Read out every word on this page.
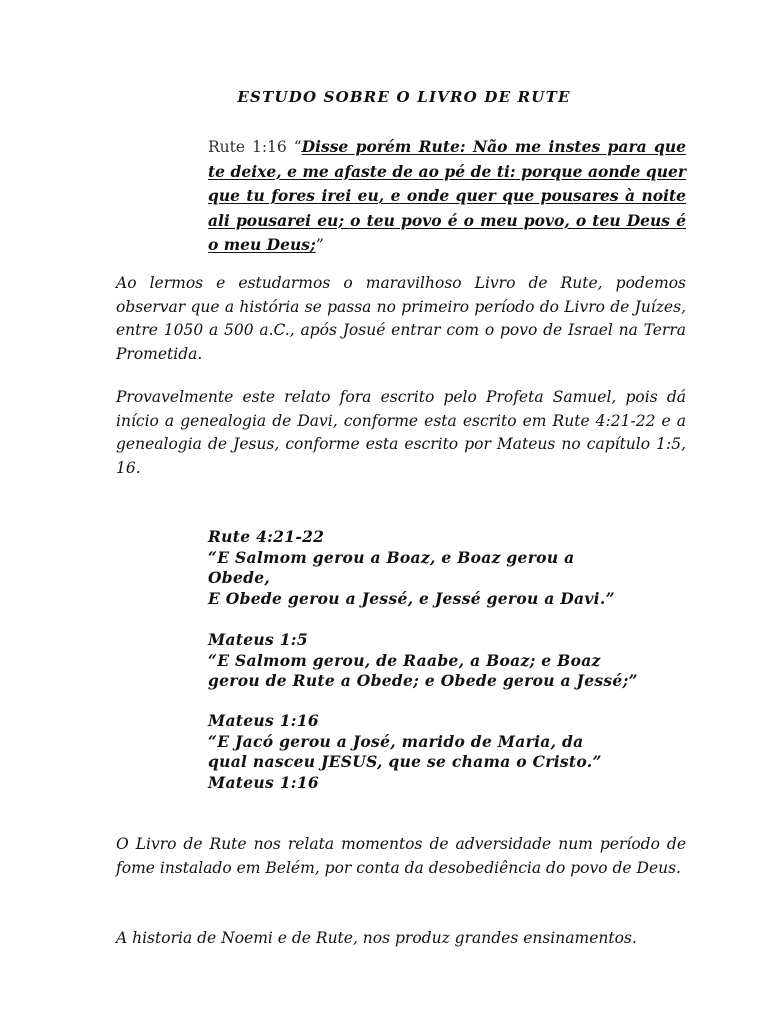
ESTUDO SOBRE O LIVRO DE RUTE
Rute 1:16 “Disse porém Rute: Não me instes para que te deixe, e me afaste de ao pé de ti: porque aonde quer que tu fores irei eu, e onde quer que pousares à noite ali pousarei eu; o teu povo é o meu povo, o teu Deus é o meu Deus;”
Ao lermos e estudarmos o maravilhoso Livro de Rute, podemos observar que a história se passa no primeiro período do Livro de Juízes, entre 1050 a 500 a.C., após Josué entrar com o povo de Israel na Terra Prometida.
Provavelmente este relato fora escrito pelo Profeta Samuel, pois dá início a genealogia de Davi, conforme esta escrito em Rute 4:21-22 e a genealogia de Jesus, conforme esta escrito por Mateus no capítulo 1:5, 16.
Rute 4:21-22
“E Salmom gerou a Boaz, e Boaz gerou a
Obede,
E Obede gerou a Jessé, e Jessé gerou a Davi.”
Mateus 1:5
“E Salmom gerou, de Raabe, a Boaz; e Boaz
gerou de Rute a Obede; e Obede gerou a Jessé;”
Mateus 1:16
“E Jacó gerou a José, marido de Maria, da
qual nasceu JESUS, que se chama o Cristo.”
Mateus 1:16
O Livro de Rute nos relata momentos de adversidade num período de fome instalado em Belém, por conta da desobediência do povo de Deus.
A historia de Noemi e de Rute, nos produz grandes ensinamentos.
